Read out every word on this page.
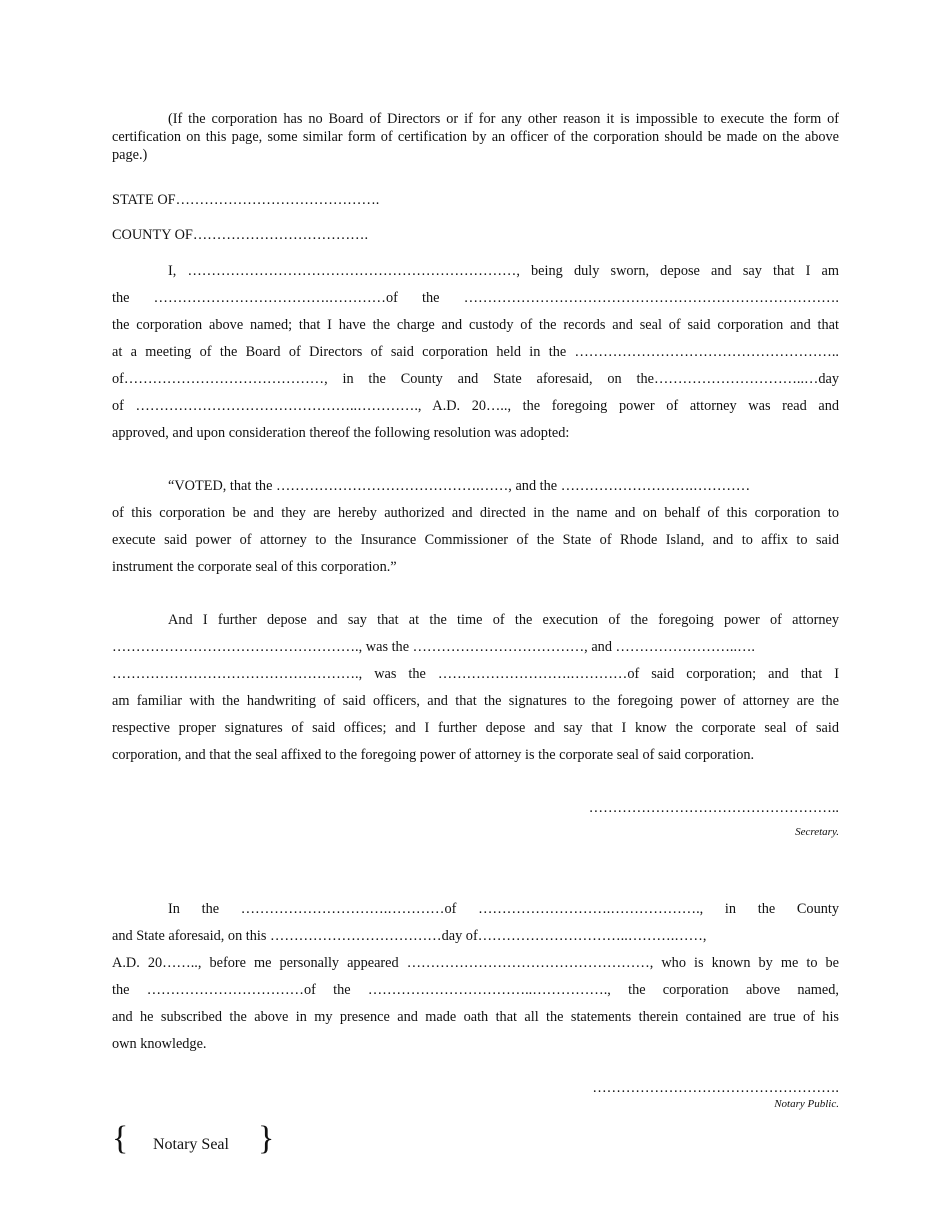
(If the corporation has no Board of Directors or if for any other reason it is impossible to execute the form of certification on this page, some similar form of certification by an officer of the corporation should be made on the above page.)

STATE OF…………………………………….
COUNTY OF……………………………….
I, ……………………………………………………………, being duly sworn, depose and say that I am
the ……………………………….…………of the …………………………………………………………………….
the corporation above named; that I have the charge and custody of the records and seal of said corporation and that
at a meeting of the Board of Directors of said corporation held in the ………………………………………………..
of……………………………………, in the County and State aforesaid, on the…………………………..…day
of ………………………………………..…………., A.D. 20….., the foregoing power of attorney was read and
approved, and upon consideration thereof the following resolution was adopted:
“VOTED, that the …………………………………….……, and the ……………………….…………
of this corporation be and they are hereby authorized and directed in the name and on behalf of this corporation to
execute said power of attorney to the Insurance Commissioner of the State of Rhode Island, and to affix to said
instrument the corporate seal of this corporation.”
And I further depose and say that at the time of the execution of the foregoing power of attorney
……………………………………………., was the ………………………………, and ……………………..….
……………………………………………., was the ……………………….…………of said corporation; and that I
am familiar with the handwriting of said officers, and that the signatures to the foregoing power of attorney are the
respective proper signatures of said offices; and I further depose and say that I know the corporate seal of said
corporation, and that the seal affixed to the foregoing power of attorney is the corporate seal of said corporation.
……………………………………………..
Secretary.
In the ………………………….…………of ……………………….………………., in the County
and State aforesaid, on this ………………………………day of…………………………..……….……,
A.D. 20…….., before me personally appeared ……………………………………………, who is known by me to be
the ……………………………of the ……………………………..……………., the corporation above named,
and he subscribed the above in my presence and made oath that all the statements therein contained are true of his
own knowledge.
…………………………………………….
Notary Public.
{ Notary Seal }
